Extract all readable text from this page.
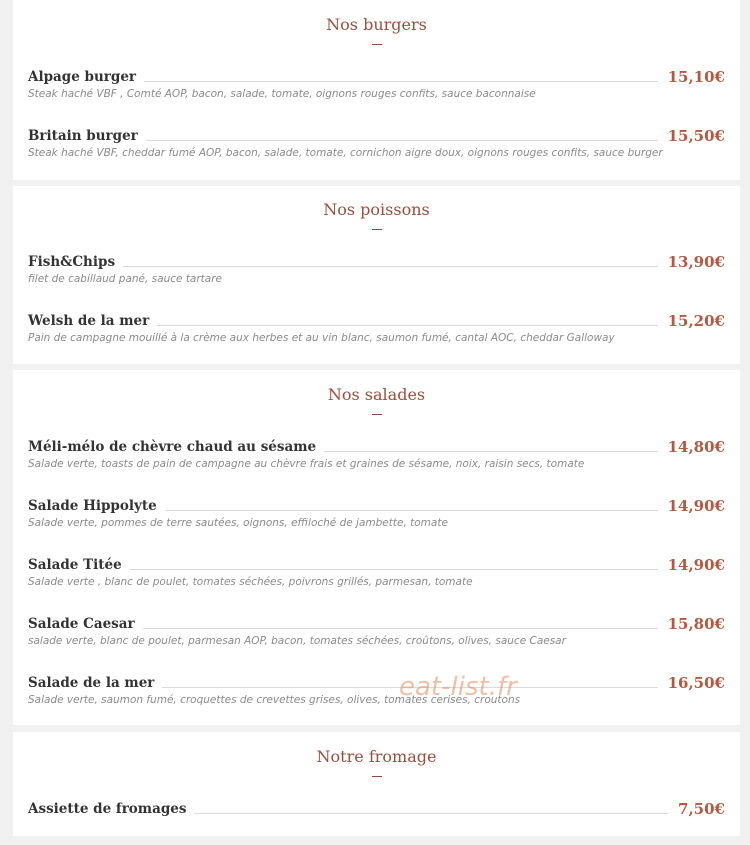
Nos burgers
Alpage burger	15,10€
Steak haché VBF , Comté AOP, bacon, salade, tomate, oignons rouges confits, sauce baconnaise
Britain burger	15,50€
Steak haché VBF, cheddar fumé AOP, bacon, salade, tomate, cornichon aigre doux, oignons rouges confits, sauce burger
Nos poissons
Fish&Chips	13,90€
filet de cabillaud pané, sauce tartare
Welsh de la mer	15,20€
Pain de campagne mouillé à la crème aux herbes et au vin blanc, saumon fumé, cantal AOC, cheddar Galloway
Nos salades
Méli-mélo de chèvre chaud au sésame	14,80€
Salade verte, toasts de pain de campagne au chèvre frais et graines de sésame, noix, raisin secs, tomate
Salade Hippolyte	14,90€
Salade verte, pommes de terre sautées, oignons, effiloché de jambette, tomate
Salade Titée	14,90€
Salade verte , blanc de poulet, tomates séchées, poivrons grillés, parmesan, tomate
Salade Caesar	15,80€
salade verte, blanc de poulet, parmesan AOP, bacon, tomates séchées, croûtons, olives, sauce Caesar
Salade de la mer	16,50€
Salade verte, saumon fumé, croquettes de crevettes grises, olives, tomates cerises, croutons
Notre fromage
Assiette de fromages	7,50€
eat-list.fr
